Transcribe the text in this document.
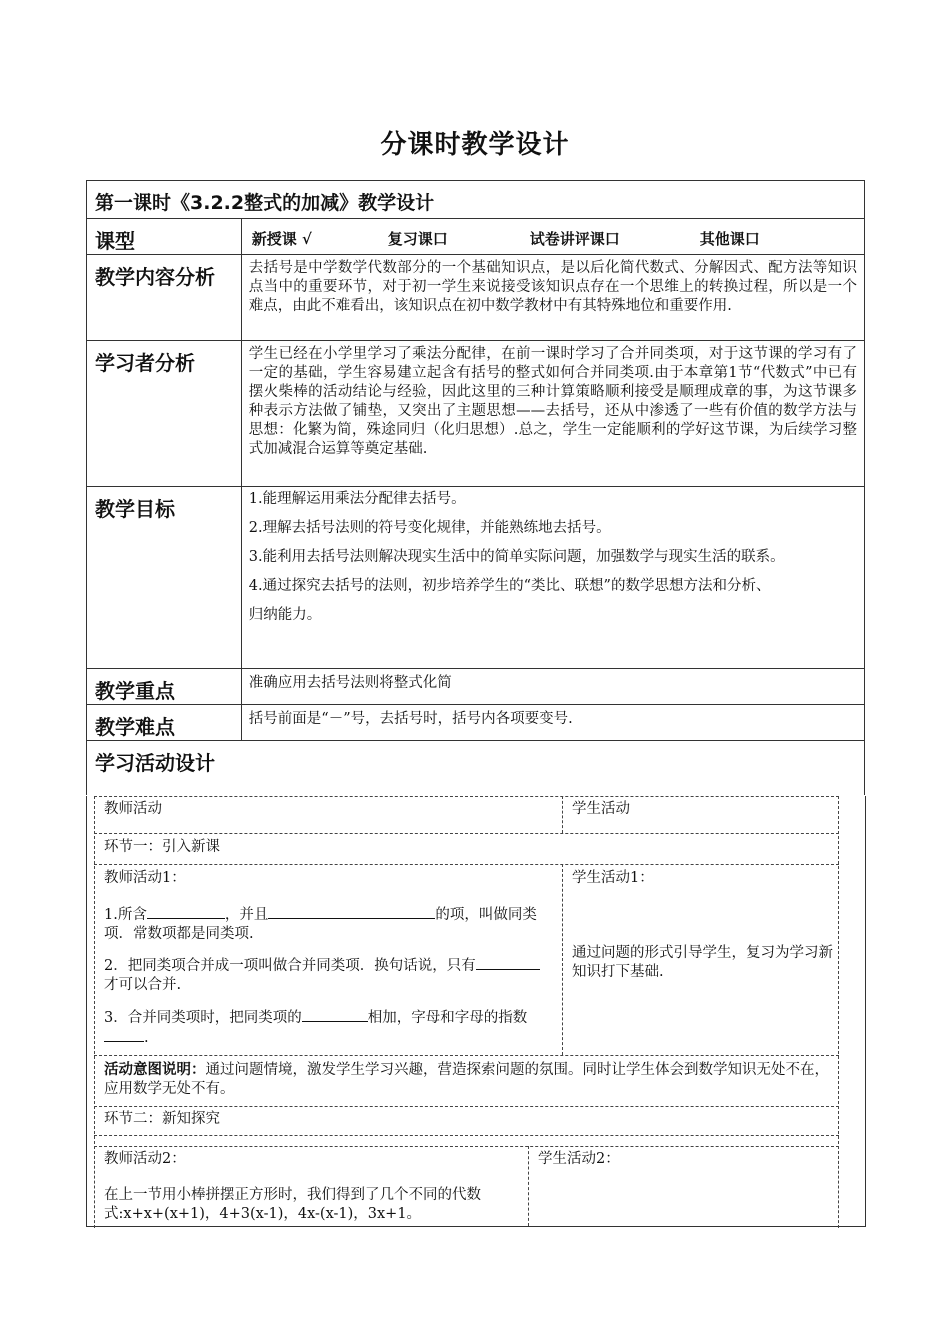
分课时教学设计
第一课时《3.2.2整式的加减》教学设计	
课型	新授课 √ 复习课口 试卷讲评课口 其他课口
教学内容分析	去括号是中学数学代数部分的一个基础知识点，是以后化简代数式、分解因式、配方法等知识点当中的重要环节，对于初一学生来说接受该知识点存在一个思维上的转换过程，所以是一个难点，由此不难看出，该知识点在初中数学教材中有其特殊地位和重要作用.
学习者分析	学生已经在小学里学习了乘法分配律，在前一课时学习了合并同类项，对于这节课的学习有了一定的基础，学生容易建立起含有括号的整式如何合并同类项.由于本章第1节“代数式”中已有摆火柴棒的活动结论与经验，因此这里的三种计算策略顺利接受是顺理成章的事，为这节课多种表示方法做了铺垫，又突出了主题思想——去括号，还从中渗透了一些有价值的数学方法与思想：化繁为简，殊途同归（化归思想）.总之，学生一定能顺利的学好这节课，为后续学习整式加减混合运算等奠定基础.
教学目标	1.能理解运用乘法分配律去括号。

2.理解去括号法则的符号变化规律，并能熟练地去括号。

3.能利用去括号法则解决现实生活中的简单实际问题，加强数学与现实生活的联系。

4.通过探究去括号的法则，初步培养学生的“类比、联想”的数学思想方法和分析、

归纳能力。

教学重点	准确应用去括号法则将整式化简
教学难点	括号前面是“－”号，去括号时，括号内各项要变号.
学习活动设计	
教师活动	学生活动
环节一：引入新课
教师活动1：
1.所含	，并且	的项，叫做同类项．常数项都是同类项.
2．把同类项合并成一项叫做合并同类项．换句话说，只有才可以合并.
3．合并同类项时，把同类项的	相加，字母和字母的指数.
学生活动1：
通过问题的形式引导学生，复习为学习新知识打下基础.
活动意图说明：通过问题情境，激发学生学习兴趣，营造探索问题的氛围。同时让学生体会到数学知识无处不在，应用数学无处不有。
环节二：新知探究
教师活动2：
在上一节用小棒拼摆正方形时，我们得到了几个不同的代数式:x+x+(x+1)，4+3(x-1)，4x-(x-1)，3x+1。
学生活动2：
